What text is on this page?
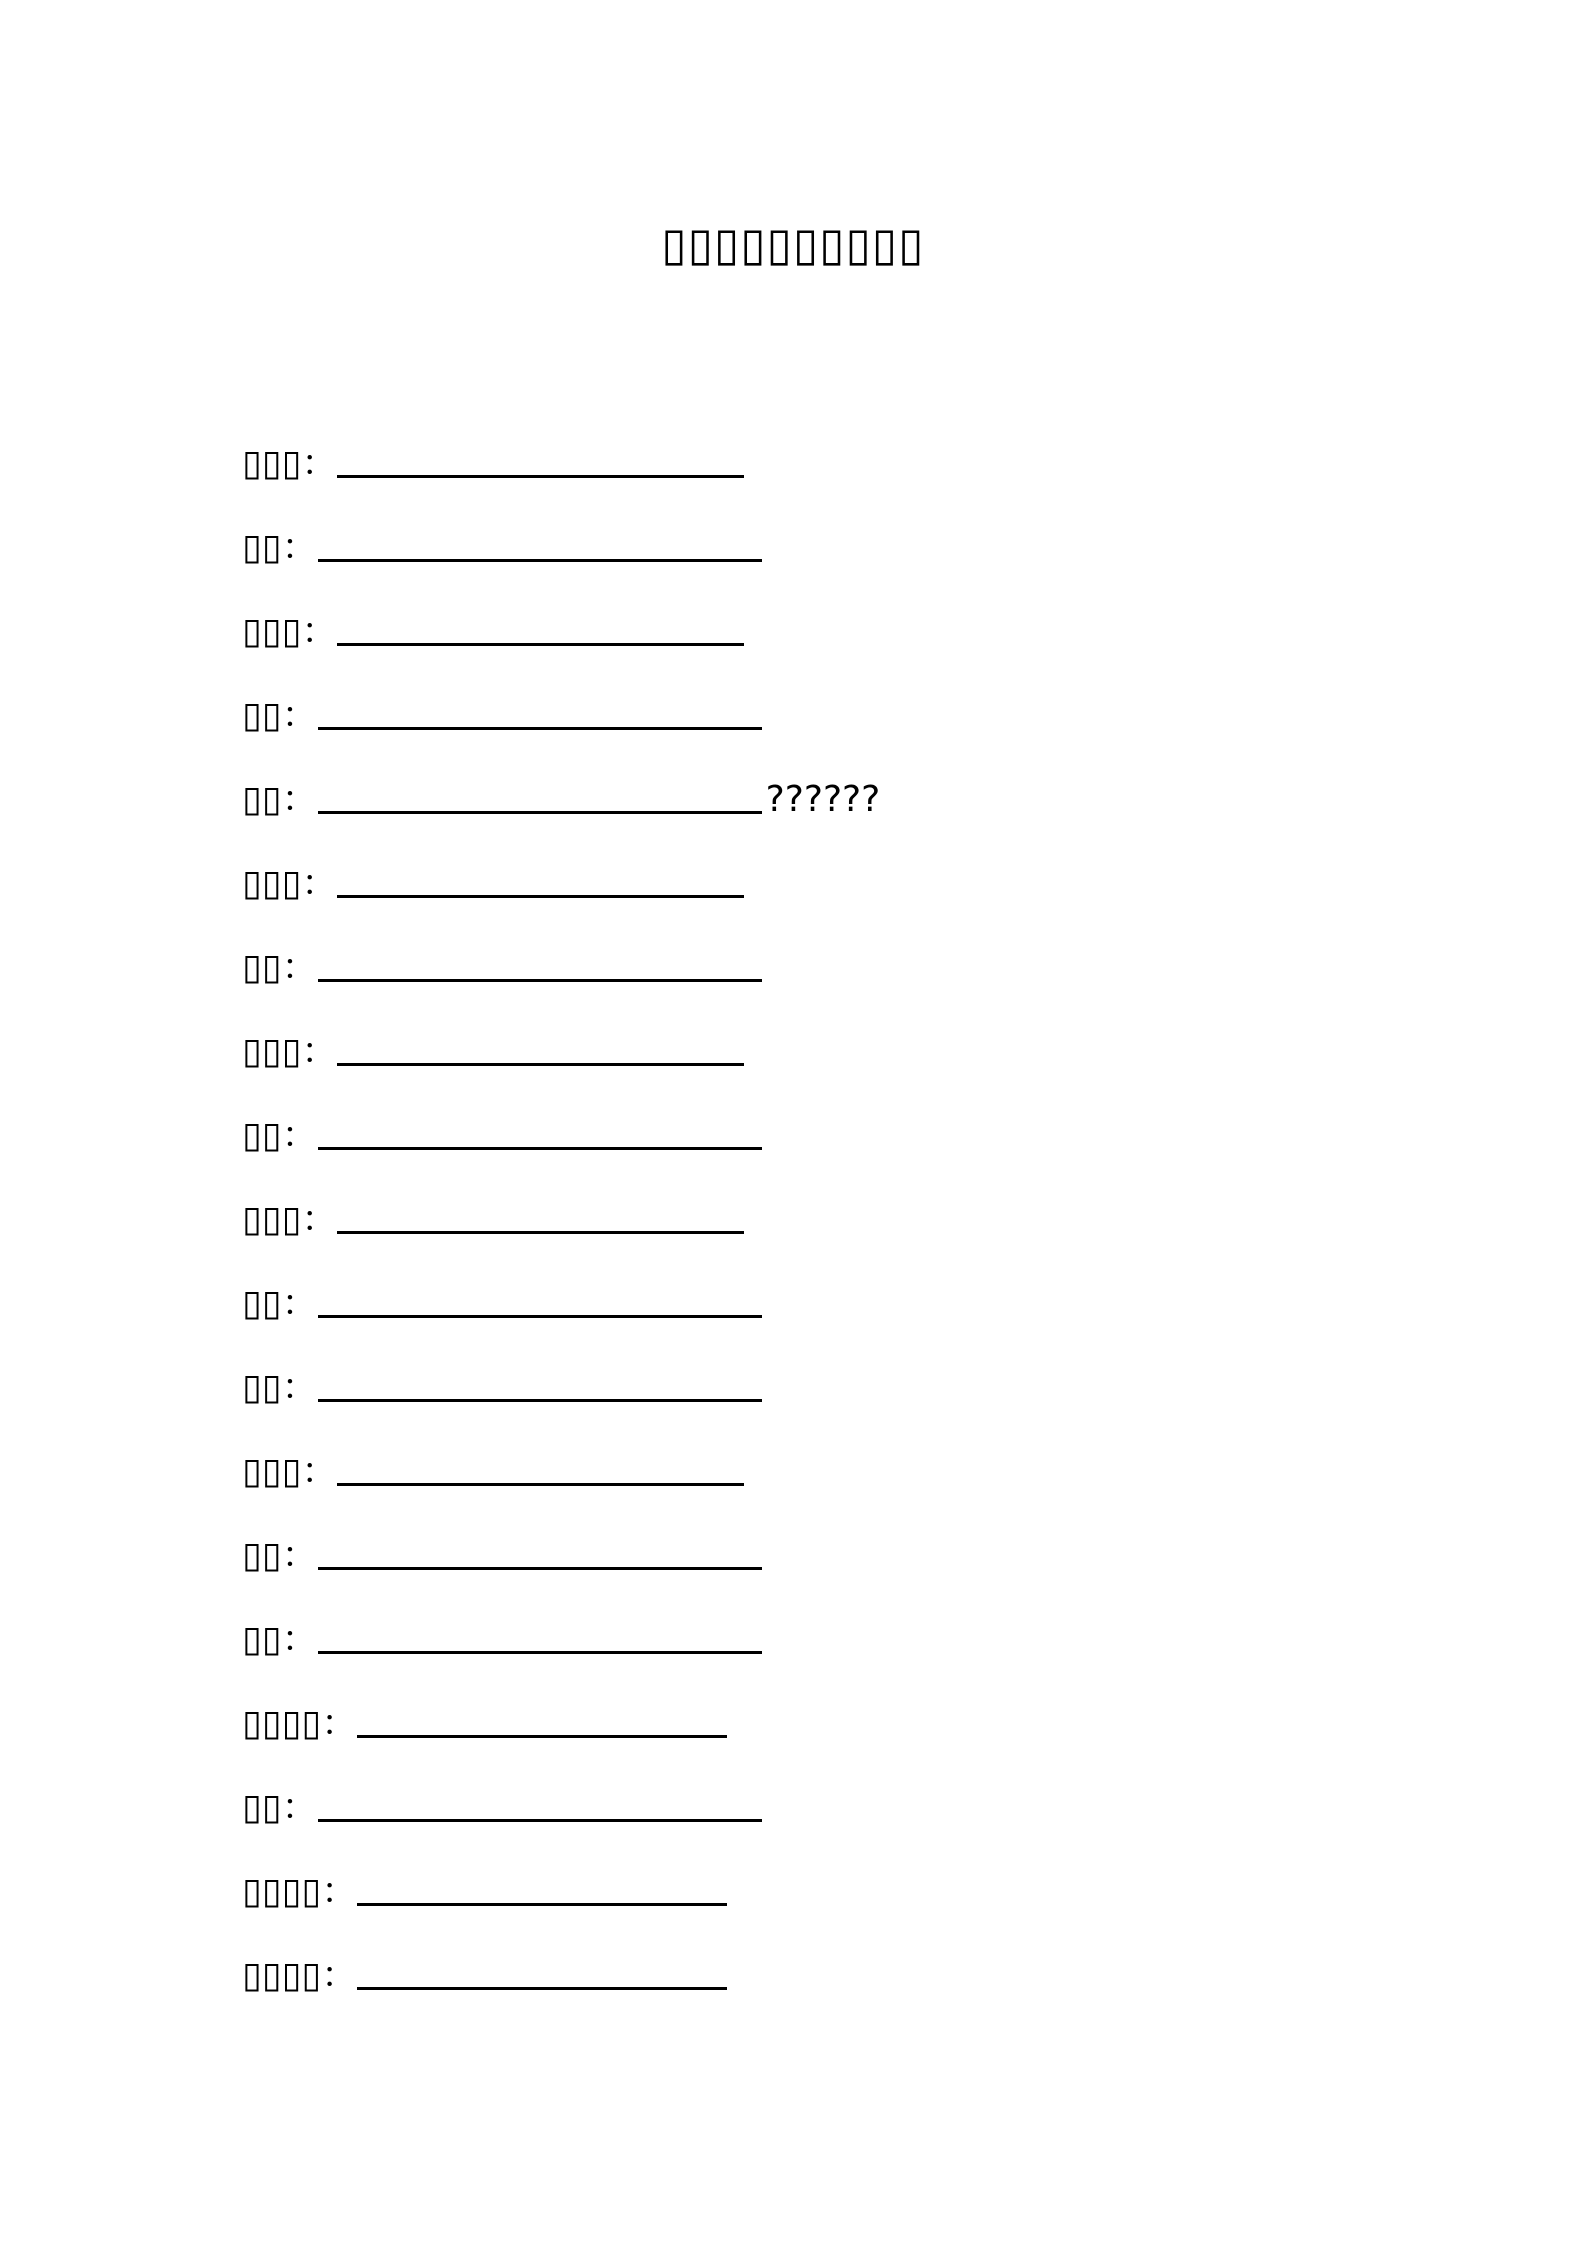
▯▯▯▯▯▯▯▯▯▯
▯▯▯：
▯▯：
▯▯▯：
▯▯：
▯▯：	??????
▯▯▯：
▯▯：
▯▯▯：
▯▯：
▯▯▯：
▯▯：
▯▯：
▯▯▯：
▯▯：
▯▯：
▯▯▯▯：
▯▯：
▯▯▯▯：
▯▯▯▯：
